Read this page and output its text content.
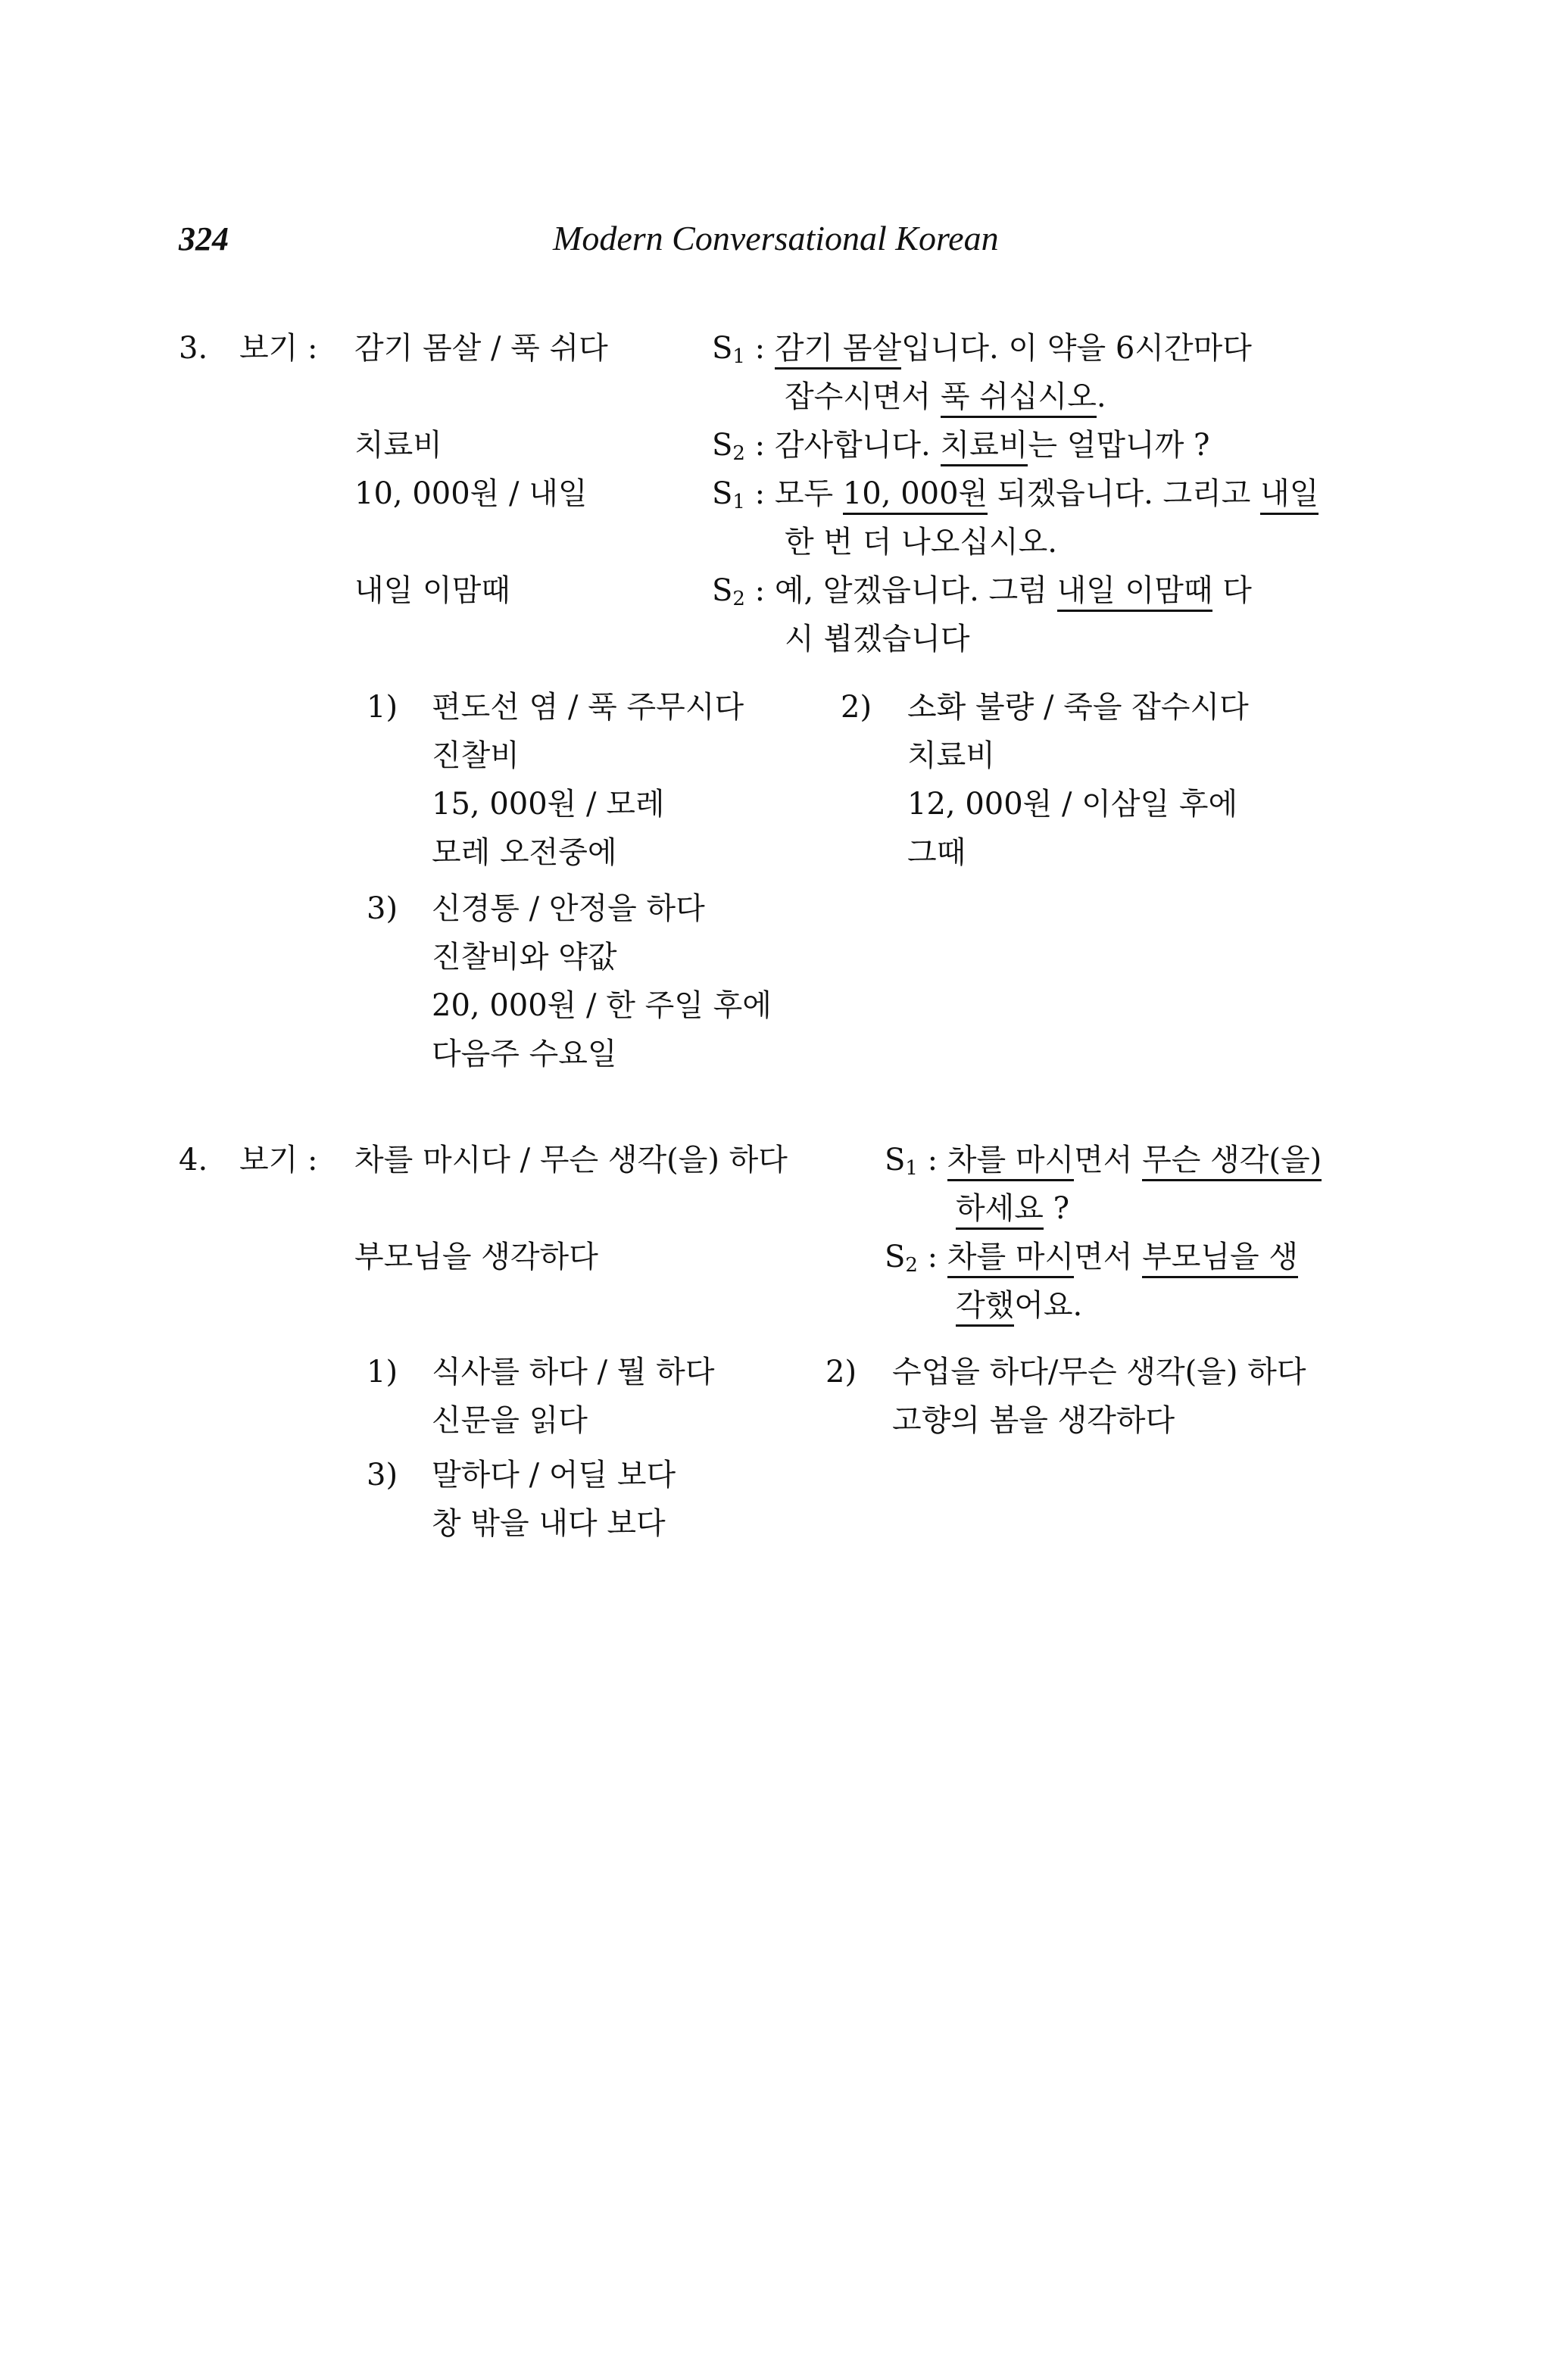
324	Modern Conversational Korean
3. 보기 : 감기 몸살 / 푹 쉬다
치료비
10, 000원 / 내일
내일 이맘때
$S_1$ : 감기 몸살입니다. 이 약을 6시간마다
잡수시면서 푹 쉬십시오.
$S_2$ : 감사합니다. 치료비는 얼맙니까 ?
$S_1$ : 모두 10, 000원 되겠읍니다. 그리고 내일
한 번 더 나오십시오.
$S_2$ : 예, 알겠읍니다. 그럼 내일 이맘때 다
시 뵙겠습니다
1) 편도선 염 / 푹 주무시다
진찰비
15, 000원 / 모레
모레 오전중에
2) 소화 불량 / 죽을 잡수시다
치료비
12, 000원 / 이삼일 후에
그때
3) 신경통 / 안정을 하다
진찰비와 약값
20, 000원 / 한 주일 후에
다음주 수요일
4. 보기 : 차를 마시다 / 무슨 생각(을) 하다
부모님을 생각하다
$S_1$ : 차를 마시면서 무슨 생각(을)
하세요 ?
$S_2$ : 차를 마시면서 부모님을 생
각했어요.
1) 식사를 하다 / 뭘 하다
신문을 읽다
2) 수업을 하다/무슨 생각(을) 하다
고향의 봄을 생각하다
3) 말하다 / 어딜 보다
창 밖을 내다 보다
